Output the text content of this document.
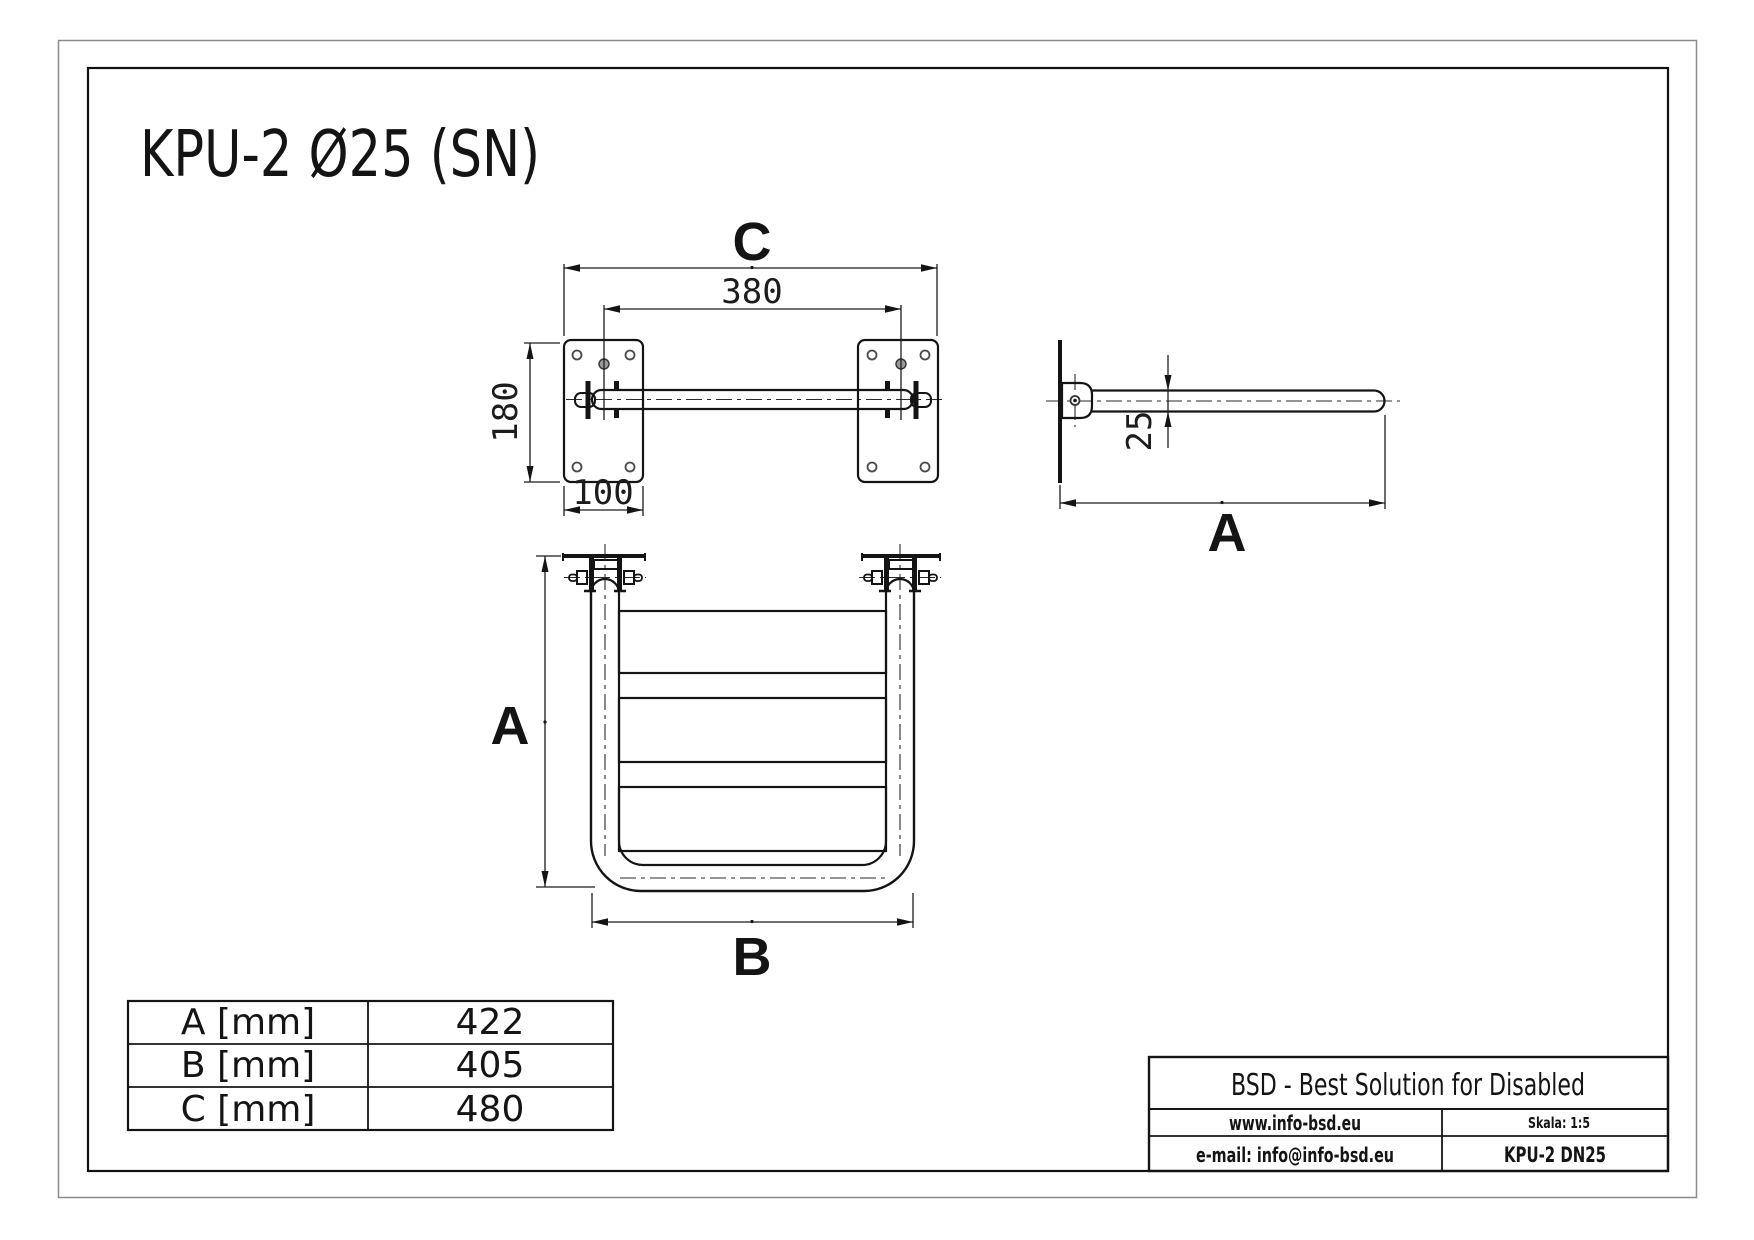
KPU-2 Ø25 (SN)
C
380
180
100
25
A
A
B
A [mm]	422
B [mm]	405
C [mm]	480
BSD - Best Solution for Disabled
www.info-bsd.eu	Skala: 1:5
e-mail: info@info-bsd.eu	KPU-2 DN25
